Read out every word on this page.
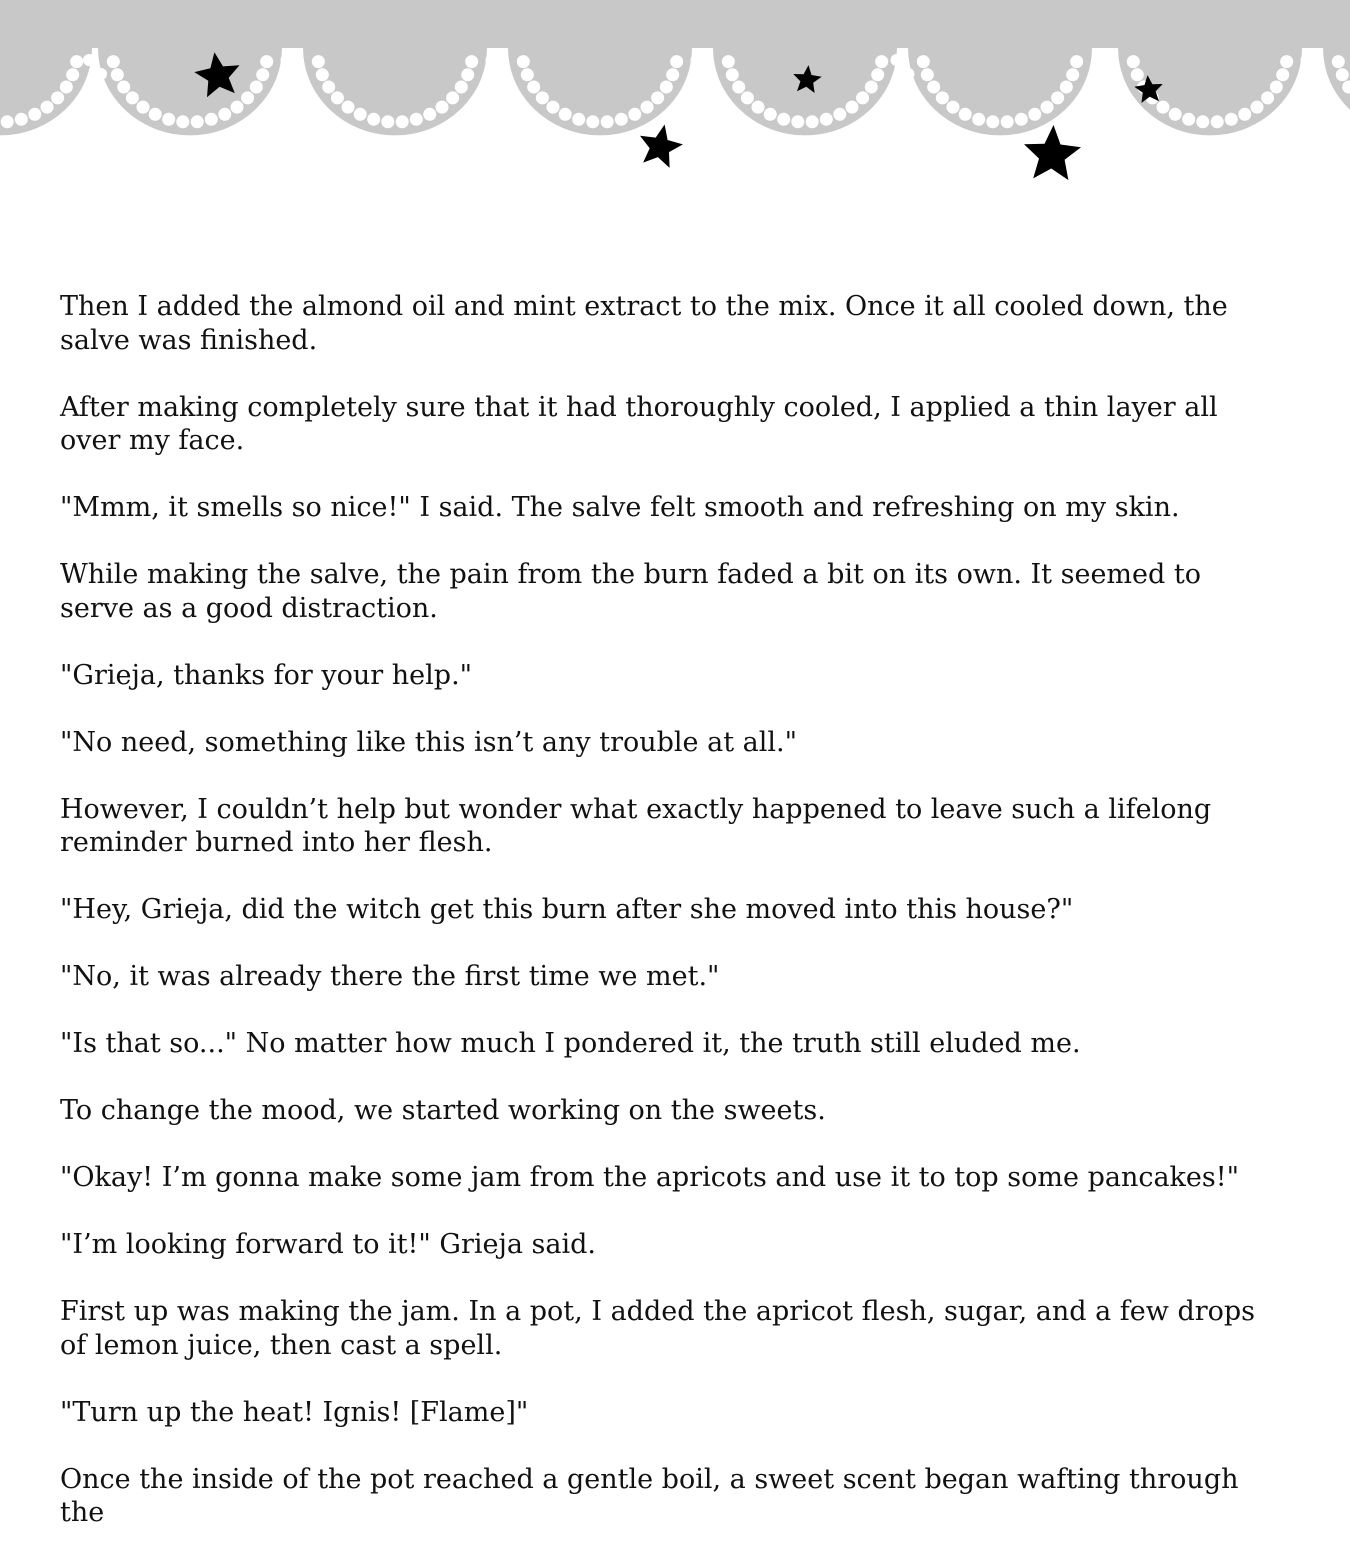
Then I added the almond oil and mint extract to the mix. Once it all cooled down, the salve was finished.

After making completely sure that it had thoroughly cooled, I applied a thin layer all over my face.

"Mmm, it smells so nice!" I said. The salve felt smooth and refreshing on my skin.

While making the salve, the pain from the burn faded a bit on its own. It seemed to serve as a good distraction.

"Grieja, thanks for your help."

"No need, something like this isn’t any trouble at all."

However, I couldn’t help but wonder what exactly happened to leave such a lifelong reminder burned into her flesh.

"Hey, Grieja, did the witch get this burn after she moved into this house?"

"No, it was already there the first time we met."

"Is that so..." No matter how much I pondered it, the truth still eluded me.

To change the mood, we started working on the sweets.

"Okay! I’m gonna make some jam from the apricots and use it to top some pancakes!"

"I’m looking forward to it!" Grieja said.

First up was making the jam. In a pot, I added the apricot flesh, sugar, and a few drops of lemon juice, then cast a spell.

"Turn up the heat! Ignis! [Flame]"

Once the inside of the pot reached a gentle boil, a sweet scent began wafting through the
